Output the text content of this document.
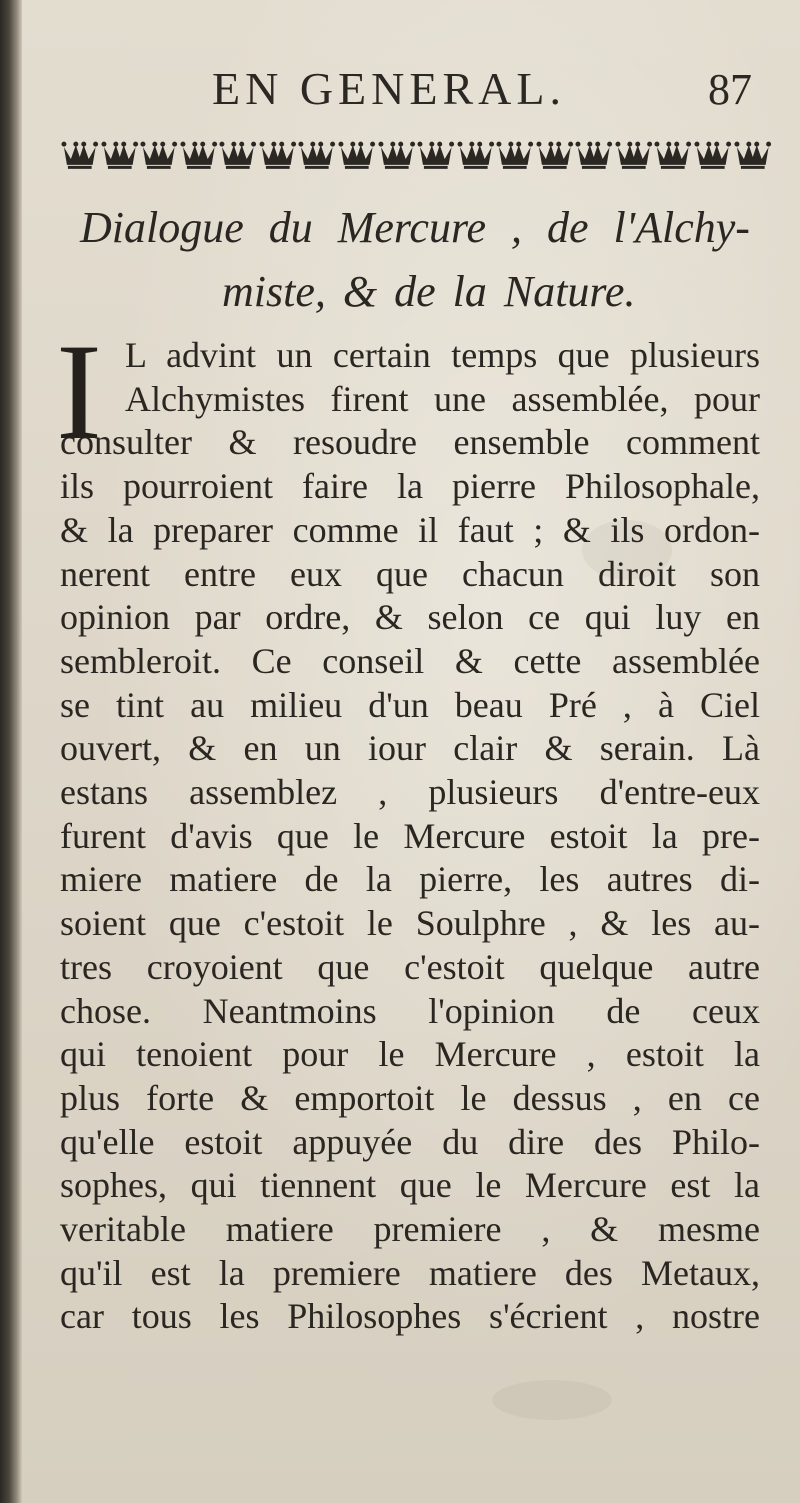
EN GENERAL.	87
Dialogue du Mercure , de l'Alchy-
miste, & de la Nature.
I L advint un certain temps que plusieurs
Alchymistes firent une assemblée, pour
consulter & resoudre ensemble comment
ils pourroient faire la pierre Philosophale,
& la preparer comme il faut ; & ils ordon-
nerent entre eux que chacun diroit son
opinion par ordre, & selon ce qui luy en
sembleroit. Ce conseil & cette assemblée
se tint au milieu d'un beau Pré , à Ciel
ouvert, & en un iour clair & serain. Là
estans assemblez , plusieurs d'entre-eux
furent d'avis que le Mercure estoit la pre-
miere matiere de la pierre, les autres di-
soient que c'estoit le Soulphre , & les au-
tres croyoient que c'estoit quelque autre
chose. Neantmoins l'opinion de ceux
qui tenoient pour le Mercure , estoit la
plus forte & emportoit le dessus , en ce
qu'elle estoit appuyée du dire des Philo-
sophes, qui tiennent que le Mercure est la
veritable matiere premiere , & mesme
qu'il est la premiere matiere des Metaux,
car tous les Philosophes s'écrient , nostre
